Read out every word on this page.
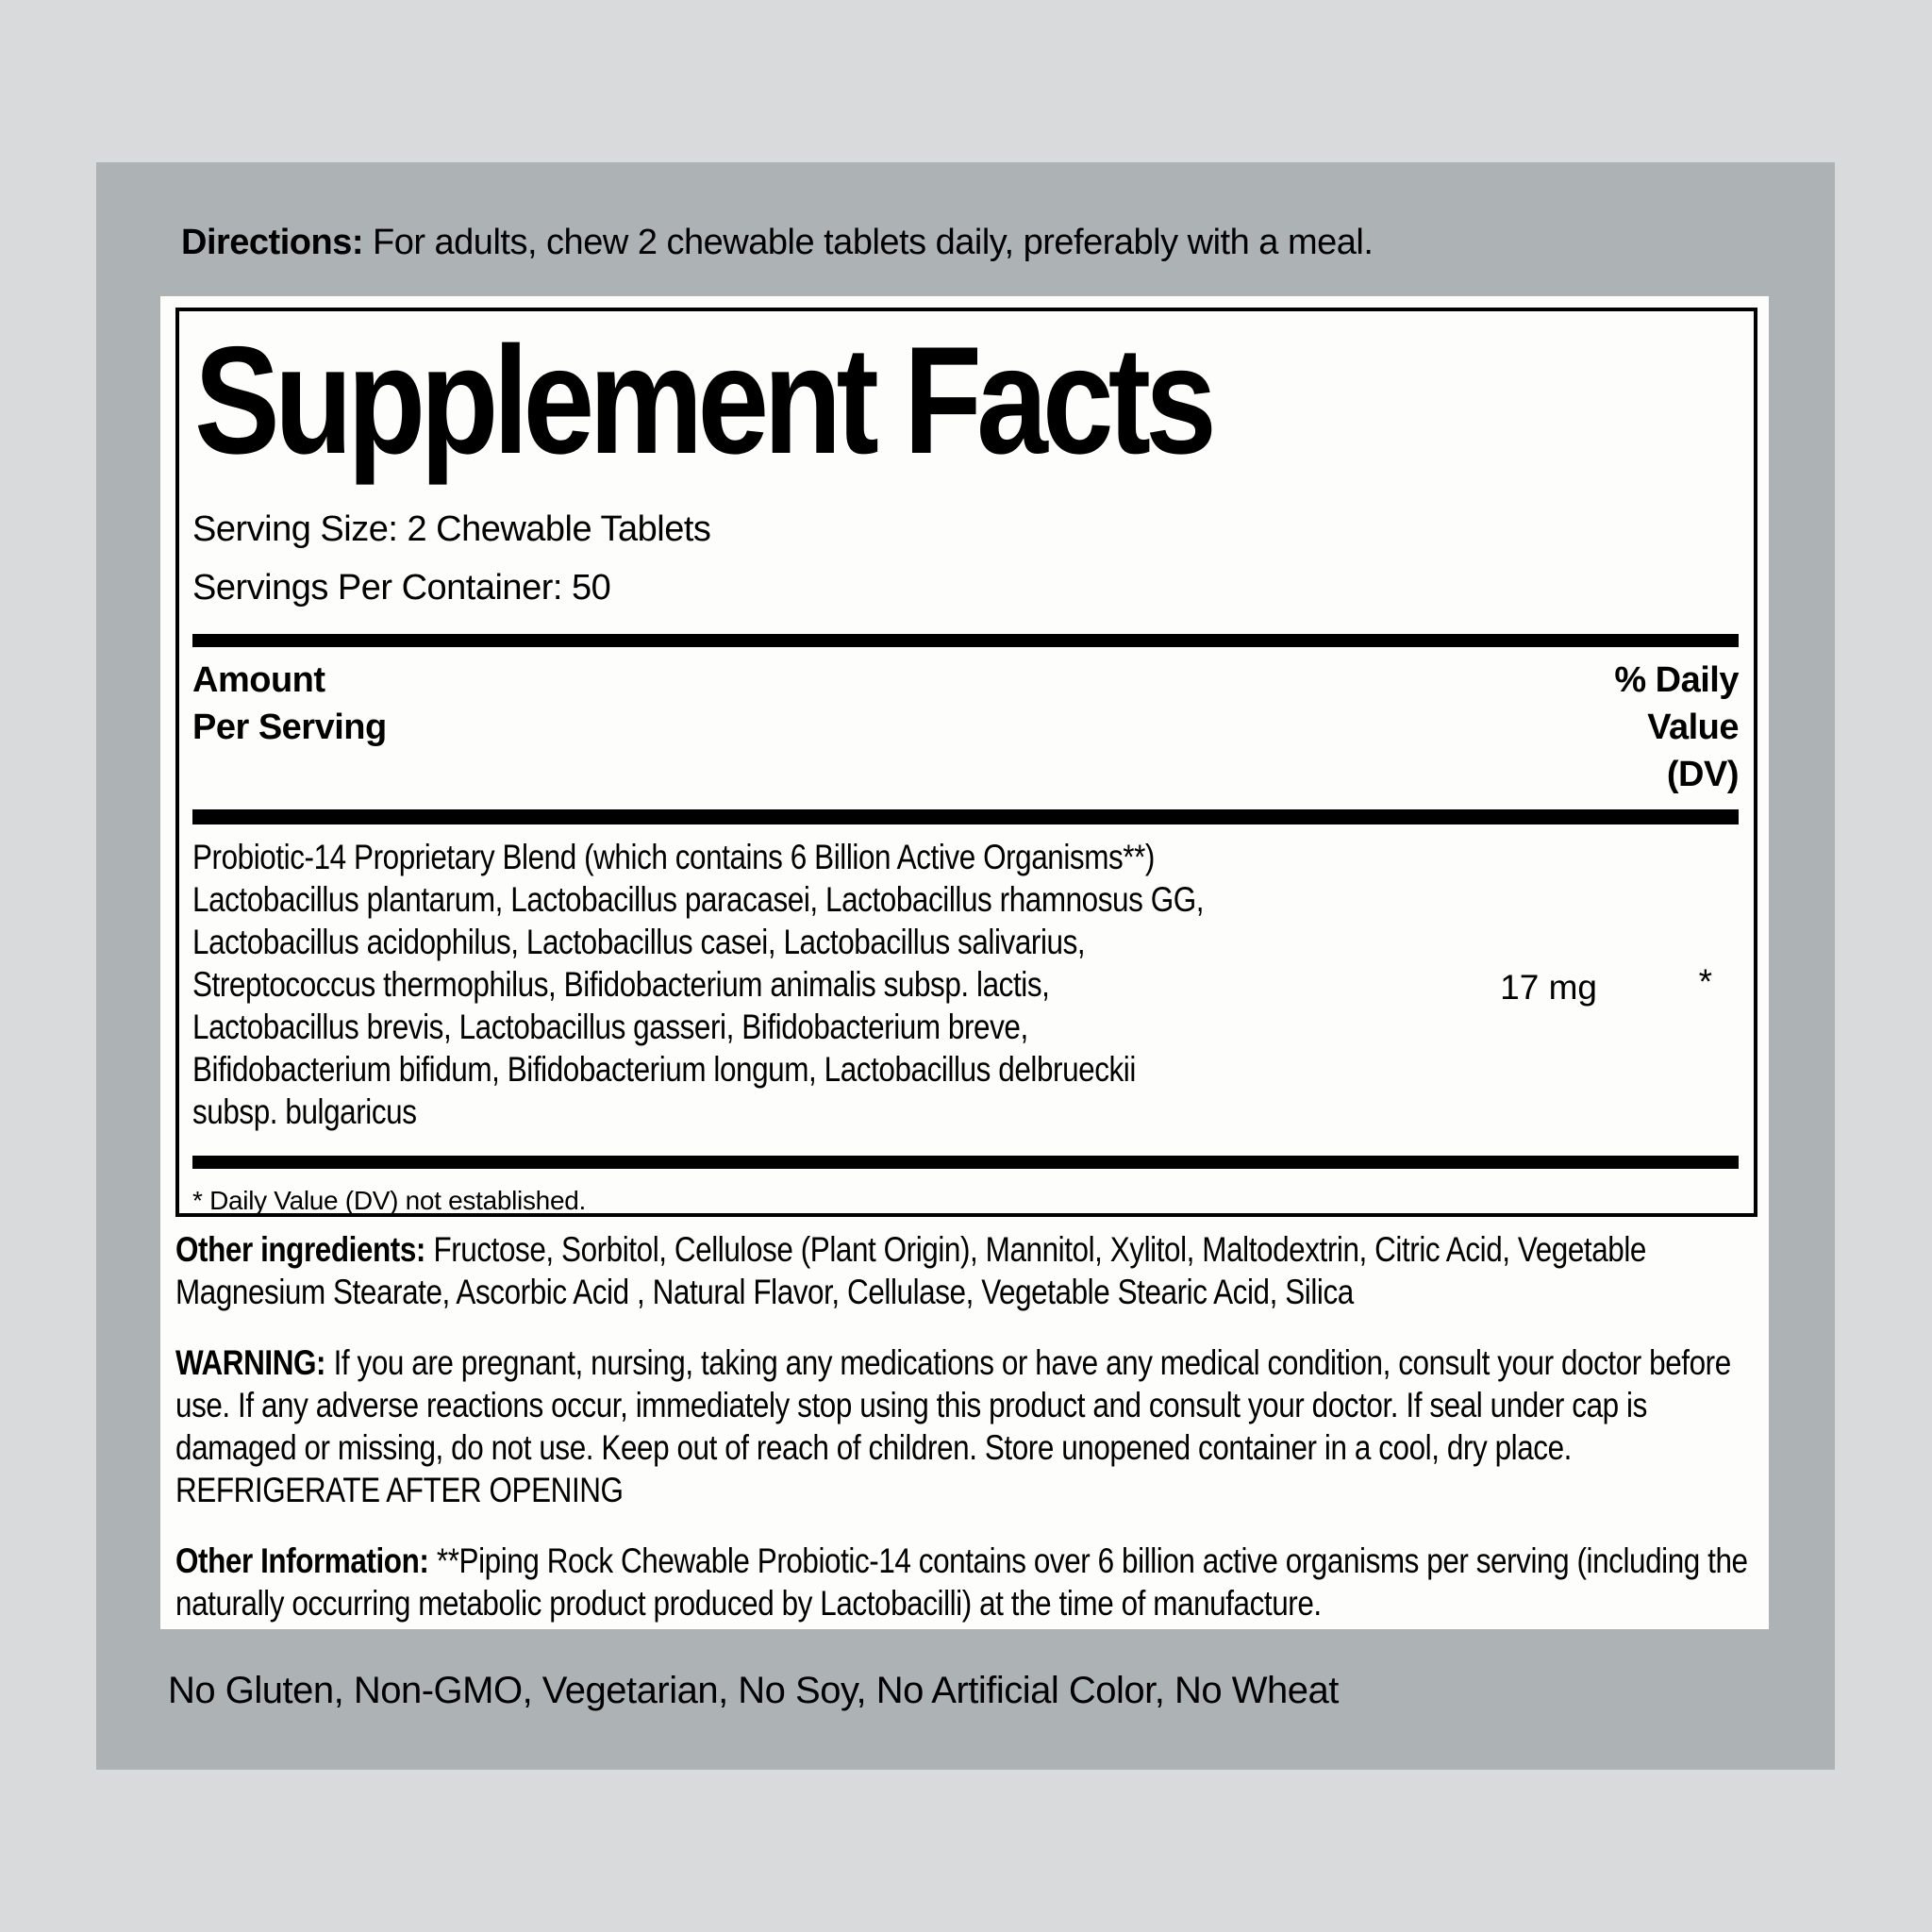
Directions: For adults, chew 2 chewable tablets daily, preferably with a meal.
Supplement Facts
Serving Size: 2 Chewable Tablets
Servings Per Container: 50
Amount
Per Serving
% Daily
Value
(DV)
Probiotic-14 Proprietary Blend (which contains 6 Billion Active Organisms**)
Lactobacillus plantarum, Lactobacillus paracasei, Lactobacillus rhamnosus GG,
Lactobacillus acidophilus, Lactobacillus casei, Lactobacillus salivarius,
Streptococcus thermophilus, Bifidobacterium animalis subsp. lactis,
Lactobacillus brevis, Lactobacillus gasseri, Bifidobacterium breve,
Bifidobacterium bifidum, Bifidobacterium longum, Lactobacillus delbrueckii
subsp. bulgaricus
17 mg	*
* Daily Value (DV) not established.
Other ingredients: Fructose, Sorbitol, Cellulose (Plant Origin), Mannitol, Xylitol, Maltodextrin, Citric Acid, Vegetable Magnesium Stearate, Ascorbic Acid , Natural Flavor, Cellulase, Vegetable Stearic Acid, Silica
WARNING: If you are pregnant, nursing, taking any medications or have any medical condition, consult your doctor before use. If any adverse reactions occur, immediately stop using this product and consult your doctor. If seal under cap is damaged or missing, do not use. Keep out of reach of children. Store unopened container in a cool, dry place.
REFRIGERATE AFTER OPENING
Other Information: **Piping Rock Chewable Probiotic-14 contains over 6 billion active organisms per serving (including the naturally occurring metabolic product produced by Lactobacilli) at the time of manufacture.
No Gluten, Non-GMO, Vegetarian, No Soy, No Artificial Color, No Wheat
